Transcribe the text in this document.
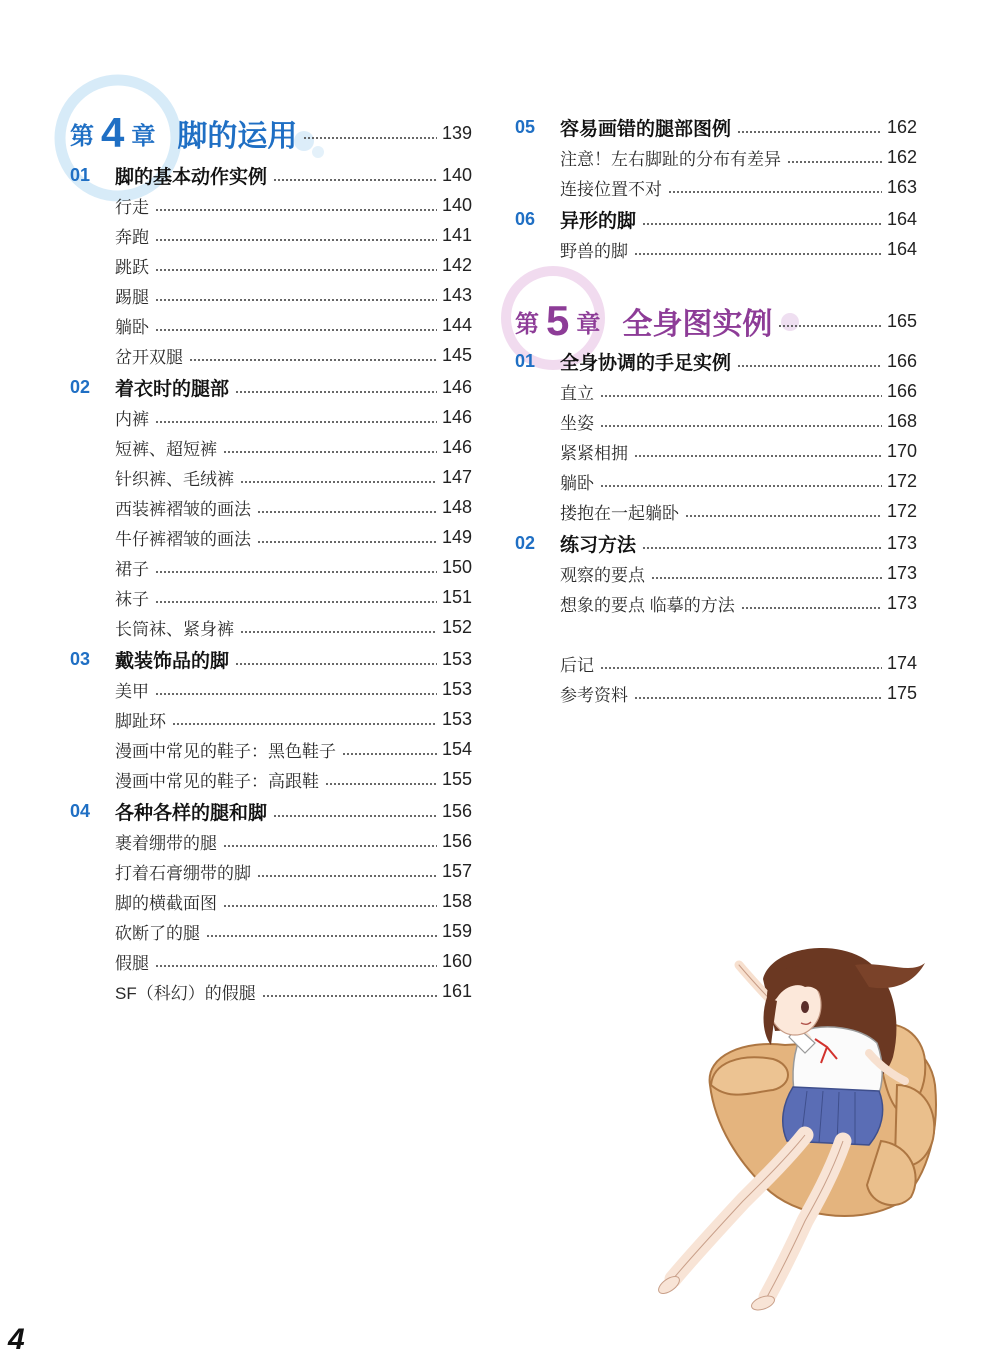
第 4 章 脚的运用	139
01	脚的基本动作实例	140
行走	140
奔跑	141
跳跃	142
踢腿	143
躺卧	144
岔开双腿	145
02	着衣时的腿部	146
内裤	146
短裤、超短裤	146
针织裤、毛绒裤	147
西装裤褶皱的画法	148
牛仔裤褶皱的画法	149
裙子	150
袜子	151
长筒袜、紧身裤	152
03	戴装饰品的脚	153
美甲	153
脚趾环	153
漫画中常见的鞋子：黑色鞋子	154
漫画中常见的鞋子：高跟鞋	155
04	各种各样的腿和脚	156
裹着绷带的腿	156
打着石膏绷带的脚	157
脚的横截面图	158
砍断了的腿	159
假腿	160
SF（科幻）的假腿	161
05	容易画错的腿部图例	162
注意！左右脚趾的分布有差异	162
连接位置不对	163
06	异形的脚	164
野兽的脚	164
第 5 章 全身图实例	165
01	全身协调的手足实例	166
直立	166
坐姿	168
紧紧相拥	170
躺卧	172
搂抱在一起躺卧	172
02	练习方法	173
观察的要点	173
想象的要点 临摹的方法	173
后记	174
参考资料	175
4
